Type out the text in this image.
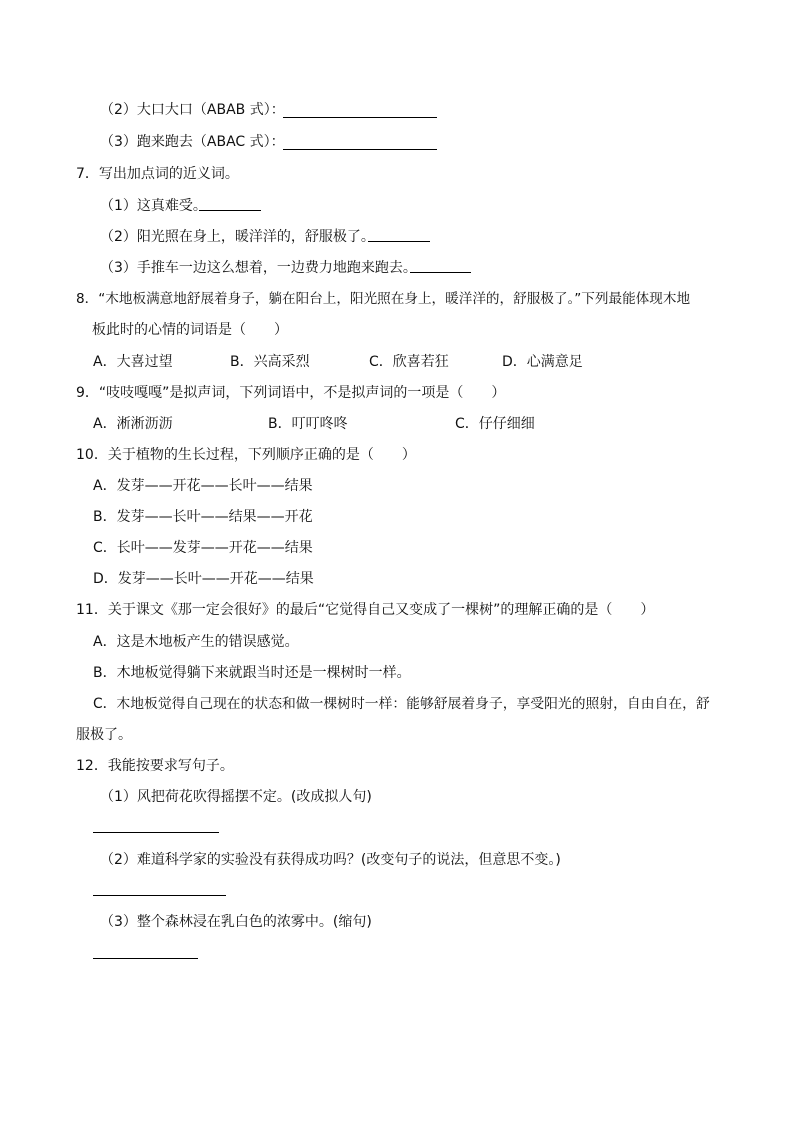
（2）大口大口（ABAB 式）：
（3）跑来跑去（ABAC 式）：
7．写出加点词的近义词。
（1）这真难受。
（2）阳光照在身上，暖洋洋的，舒服极了。
（3）手推车一边这么想着，一边费力地跑来跑去。
8．“木地板满意地舒展着身子，躺在阳台上，阳光照在身上，暖洋洋的，舒服极了。”下列最能体现木地
板此时的心情的词语是（　　）
A．大喜过望	B．兴高采烈	C．欣喜若狂	D．心满意足
9．“吱吱嘎嘎”是拟声词，下列词语中，不是拟声词的一项是（　　）
A．淅淅沥沥	B．叮叮咚咚	C．仔仔细细
10．关于植物的生长过程，下列顺序正确的是（　　）
A．发芽——开花——长叶——结果
B．发芽——长叶——结果——开花
C．长叶——发芽——开花——结果
D．发芽——长叶——开花——结果
11．关于课文《那一定会很好》的最后“它觉得自己又变成了一棵树”的理解正确的是（　　）
A．这是木地板产生的错误感觉。
B．木地板觉得躺下来就跟当时还是一棵树时一样。
C．木地板觉得自己现在的状态和做一棵树时一样：能够舒展着身子，享受阳光的照射，自由自在，舒
服极了。
12．我能按要求写句子。
（1）风把荷花吹得摇摆不定。(改成拟人句)
（2）难道科学家的实验没有获得成功吗？(改变句子的说法，但意思不变。)
（3）整个森林浸在乳白色的浓雾中。(缩句)
